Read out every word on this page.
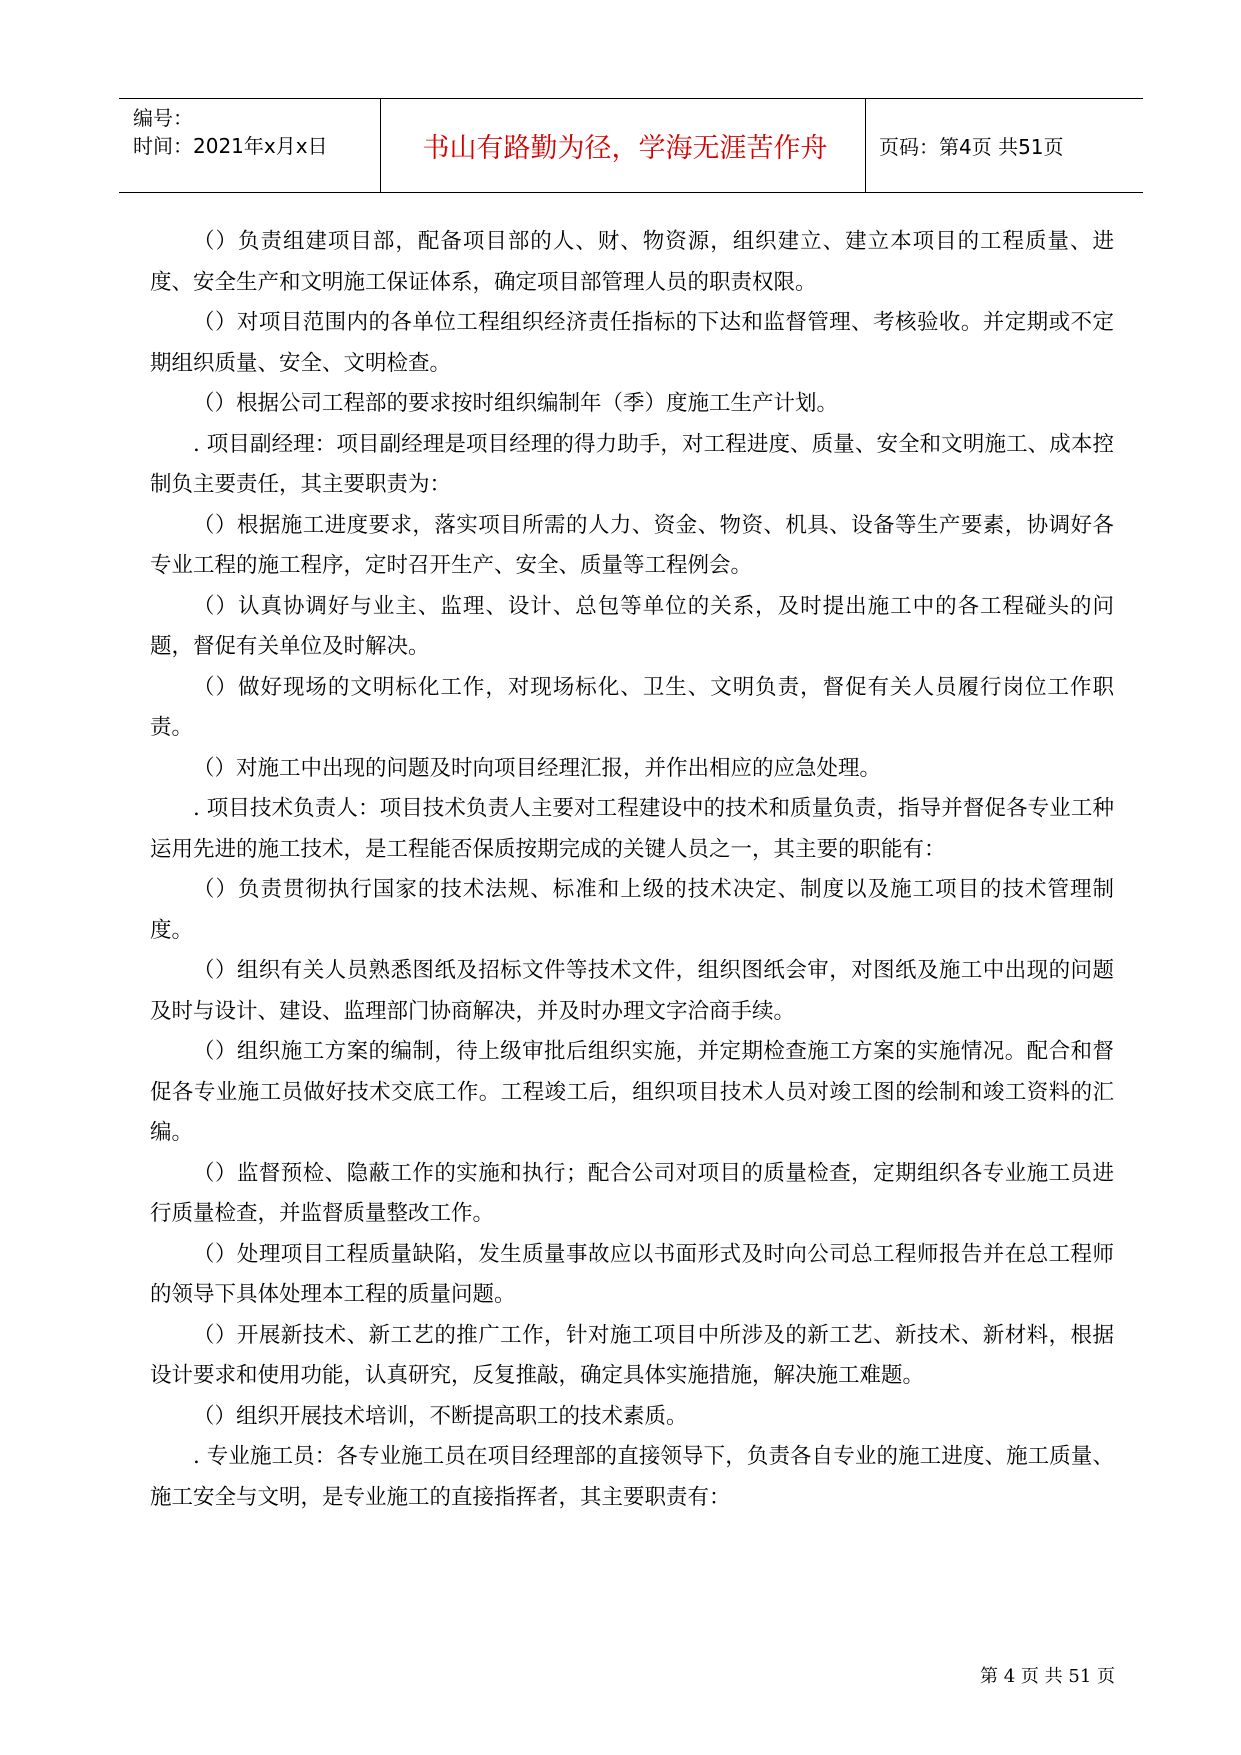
编号：
时间：2021年x月x日	书山有路勤为径，学海无涯苦作舟	页码：第4页 共51页

（）负责组建项目部，配备项目部的人、财、物资源，组织建立、建立本项目的工程质量、进度、安全生产和文明施工保证体系，确定项目部管理人员的职责权限。

（）对项目范围内的各单位工程组织经济责任指标的下达和监督管理、考核验收。并定期或不定期组织质量、安全、文明检查。

（）根据公司工程部的要求按时组织编制年（季）度施工生产计划。

. 项目副经理：项目副经理是项目经理的得力助手，对工程进度、质量、安全和文明施工、成本控制负主要责任，其主要职责为：

（）根据施工进度要求，落实项目所需的人力、资金、物资、机具、设备等生产要素，协调好各专业工程的施工程序，定时召开生产、安全、质量等工程例会。

（）认真协调好与业主、监理、设计、总包等单位的关系，及时提出施工中的各工程碰头的问题，督促有关单位及时解决。

（）做好现场的文明标化工作，对现场标化、卫生、文明负责，督促有关人员履行岗位工作职责。

（）对施工中出现的问题及时向项目经理汇报，并作出相应的应急处理。

. 项目技术负责人：项目技术负责人主要对工程建设中的技术和质量负责，指导并督促各专业工种运用先进的施工技术，是工程能否保质按期完成的关键人员之一，其主要的职能有：

（）负责贯彻执行国家的技术法规、标准和上级的技术决定、制度以及施工项目的技术管理制度。

（）组织有关人员熟悉图纸及招标文件等技术文件，组织图纸会审，对图纸及施工中出现的问题及时与设计、建设、监理部门协商解决，并及时办理文字洽商手续。

（）组织施工方案的编制，待上级审批后组织实施，并定期检查施工方案的实施情况。配合和督促各专业施工员做好技术交底工作。工程竣工后，组织项目技术人员对竣工图的绘制和竣工资料的汇编。

（）监督预检、隐蔽工作的实施和执行；配合公司对项目的质量检查，定期组织各专业施工员进行质量检查，并监督质量整改工作。

（）处理项目工程质量缺陷，发生质量事故应以书面形式及时向公司总工程师报告并在总工程师的领导下具体处理本工程的质量问题。

（）开展新技术、新工艺的推广工作，针对施工项目中所涉及的新工艺、新技术、新材料，根据设计要求和使用功能，认真研究，反复推敲，确定具体实施措施，解决施工难题。

（）组织开展技术培训，不断提高职工的技术素质。

. 专业施工员：各专业施工员在项目经理部的直接领导下，负责各自专业的施工进度、施工质量、施工安全与文明，是专业施工的直接指挥者，其主要职责有：

第 4 页 共 51 页
